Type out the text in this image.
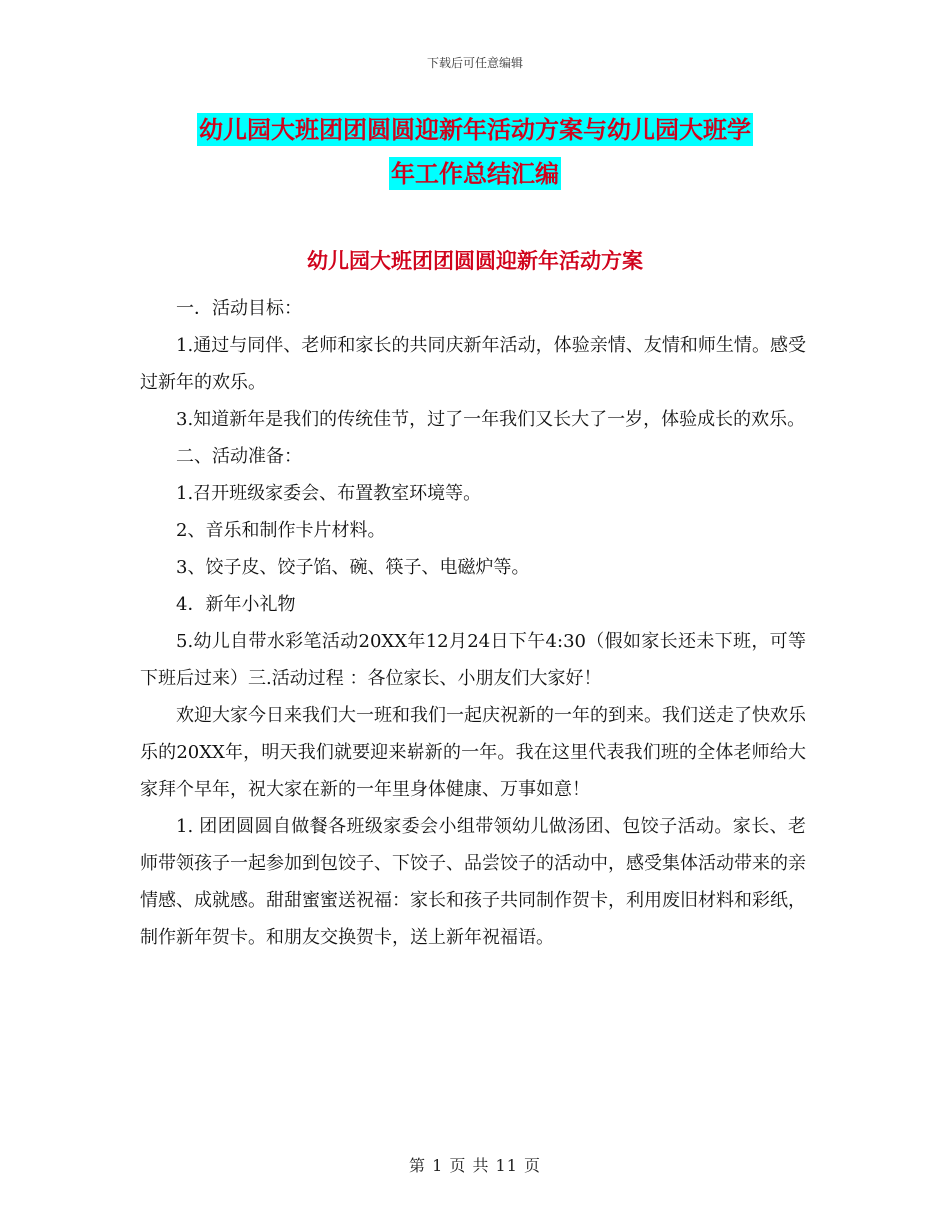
下载后可任意编辑
幼儿园大班团团圆圆迎新年活动方案与幼儿园大班学
年工作总结汇编
幼儿园大班团团圆圆迎新年活动方案

一．活动目标：

1.通过与同伴、老师和家长的共同庆新年活动，体验亲情、友情和师生情。感受过新年的欢乐。

3.知道新年是我们的传统佳节，过了一年我们又长大了一岁，体验成长的欢乐。

二、活动准备：

1.召开班级家委会、布置教室环境等。

2、音乐和制作卡片材料。

3、饺子皮、饺子馅、碗、筷子、电磁炉等。

4．新年小礼物

5.幼儿自带水彩笔活动20XX年12月24日下午4:30（假如家长还未下班，可等下班后过来）三.活动过程 ：各位家长、小朋友们大家好！

欢迎大家今日来我们大一班和我们一起庆祝新的一年的到来。我们送走了快欢乐乐的20XX年，明天我们就要迎来崭新的一年。我在这里代表我们班的全体老师给大家拜个早年，祝大家在新的一年里身体健康、万事如意！

1. 团团圆圆自做餐各班级家委会小组带领幼儿做汤团、包饺子活动。家长、老师带领孩子一起参加到包饺子、下饺子、品尝饺子的活动中，感受集体活动带来的亲情感、成就感。甜甜蜜蜜送祝福：家长和孩子共同制作贺卡，利用废旧材料和彩纸，制作新年贺卡。和朋友交换贺卡，送上新年祝福语。

第 1 页 共 11 页
